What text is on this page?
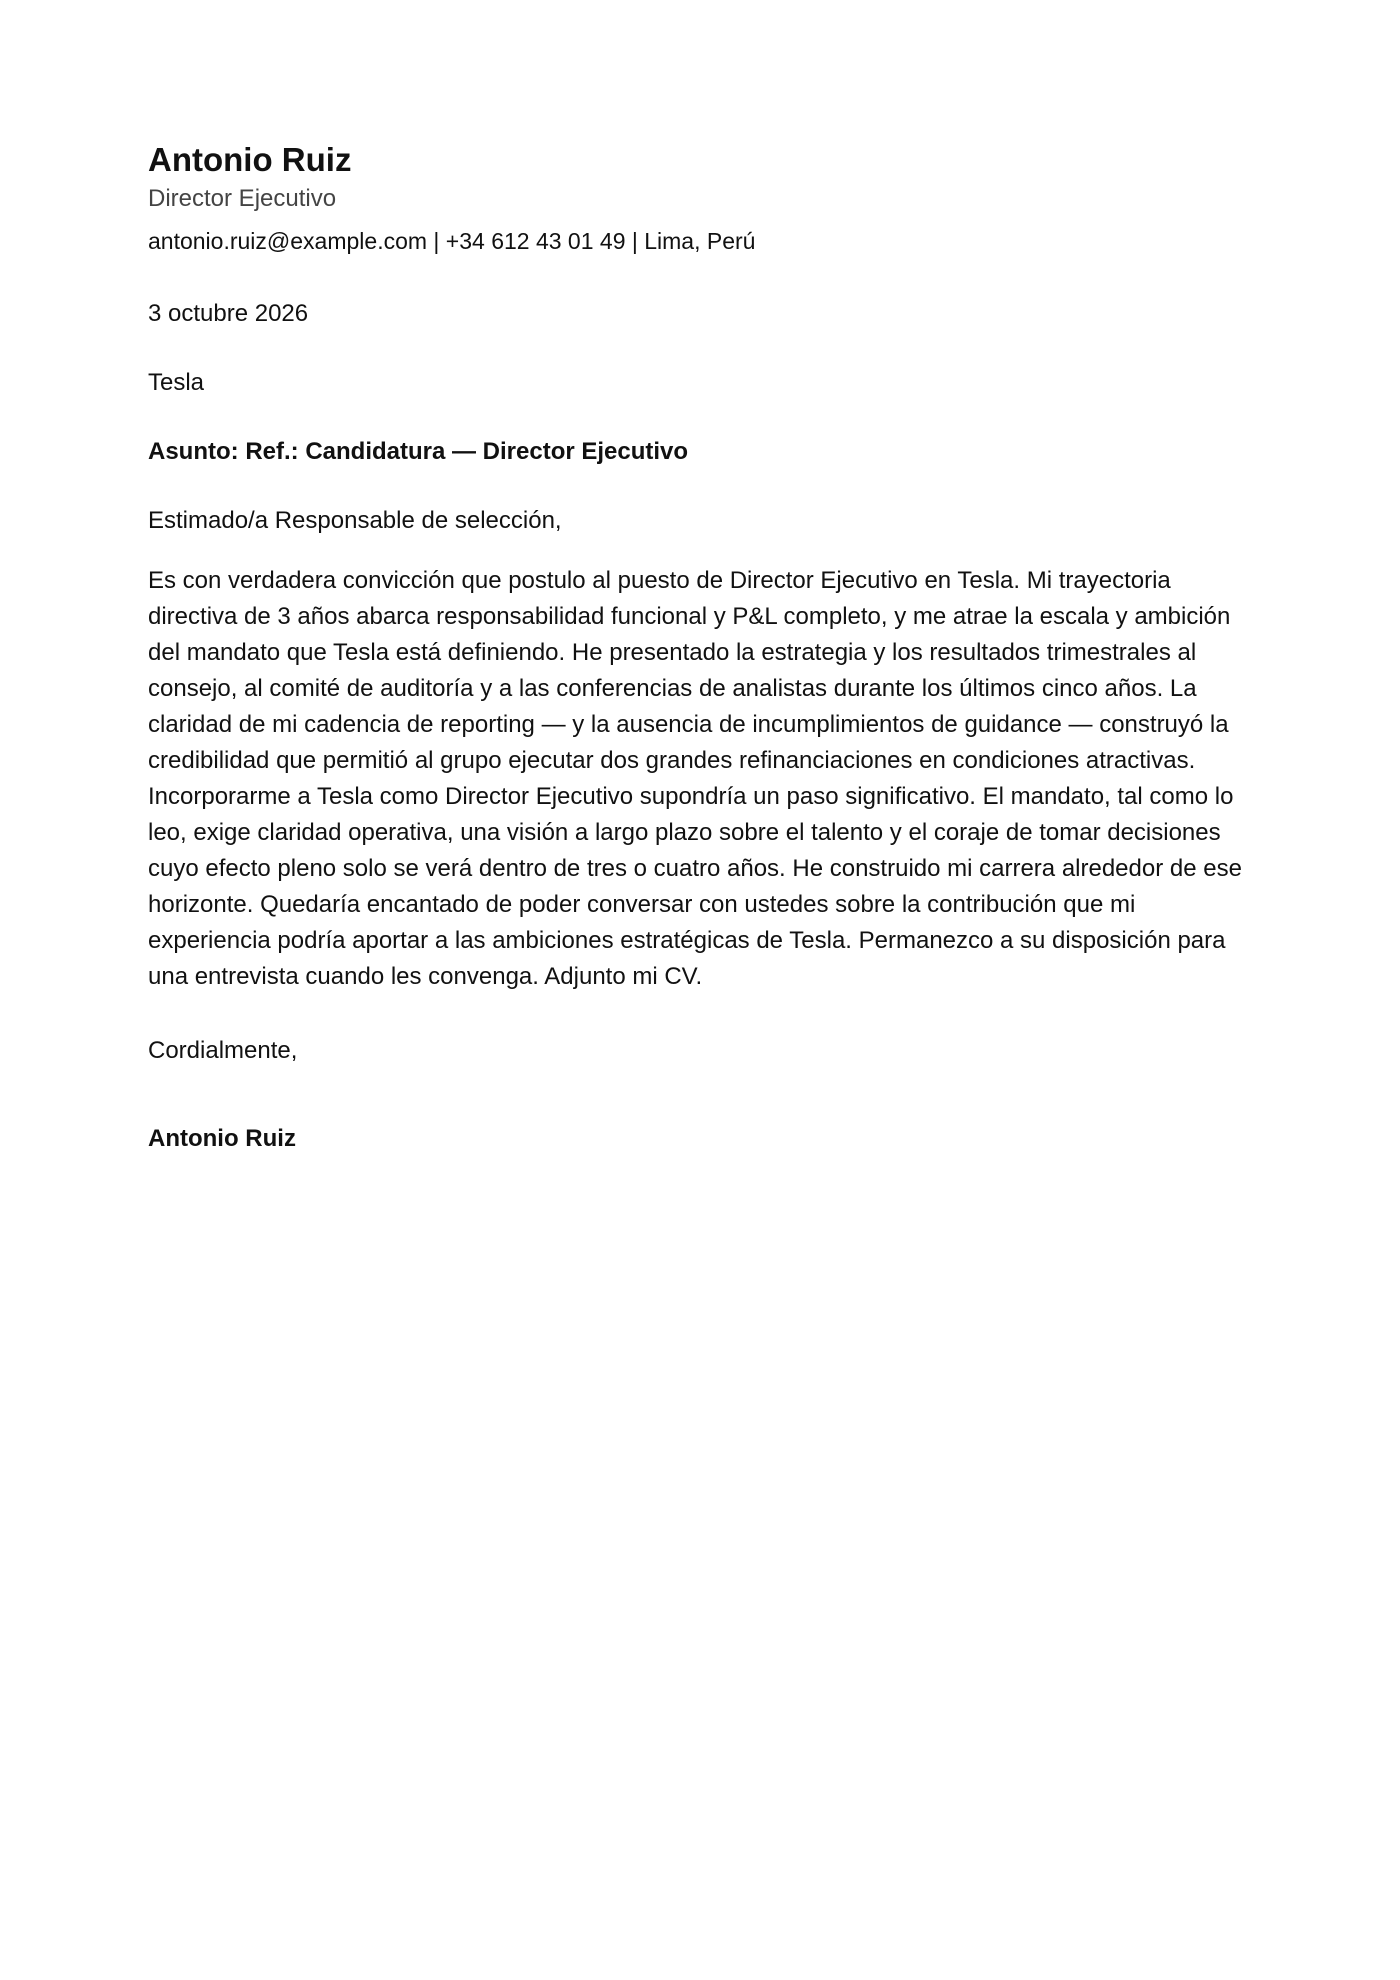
Antonio Ruiz
Director Ejecutivo
antonio.ruiz@example.com | +34 612 43 01 49 | Lima, Perú
3 octubre 2026
Tesla
Asunto: Ref.: Candidatura — Director Ejecutivo
Estimado/a Responsable de selección,
Es con verdadera convicción que postulo al puesto de Director Ejecutivo en Tesla. Mi trayectoria directiva de 3 años abarca responsabilidad funcional y P&L completo, y me atrae la escala y ambición del mandato que Tesla está definiendo. He presentado la estrategia y los resultados trimestrales al consejo, al comité de auditoría y a las conferencias de analistas durante los últimos cinco años. La claridad de mi cadencia de reporting — y la ausencia de incumplimientos de guidance — construyó la credibilidad que permitió al grupo ejecutar dos grandes refinanciaciones en condiciones atractivas. Incorporarme a Tesla como Director Ejecutivo supondría un paso significativo. El mandato, tal como lo leo, exige claridad operativa, una visión a largo plazo sobre el talento y el coraje de tomar decisiones cuyo efecto pleno solo se verá dentro de tres o cuatro años. He construido mi carrera alrededor de ese horizonte. Quedaría encantado de poder conversar con ustedes sobre la contribución que mi experiencia podría aportar a las ambiciones estratégicas de Tesla. Permanezco a su disposición para una entrevista cuando les convenga. Adjunto mi CV.
Cordialmente,
Antonio Ruiz
